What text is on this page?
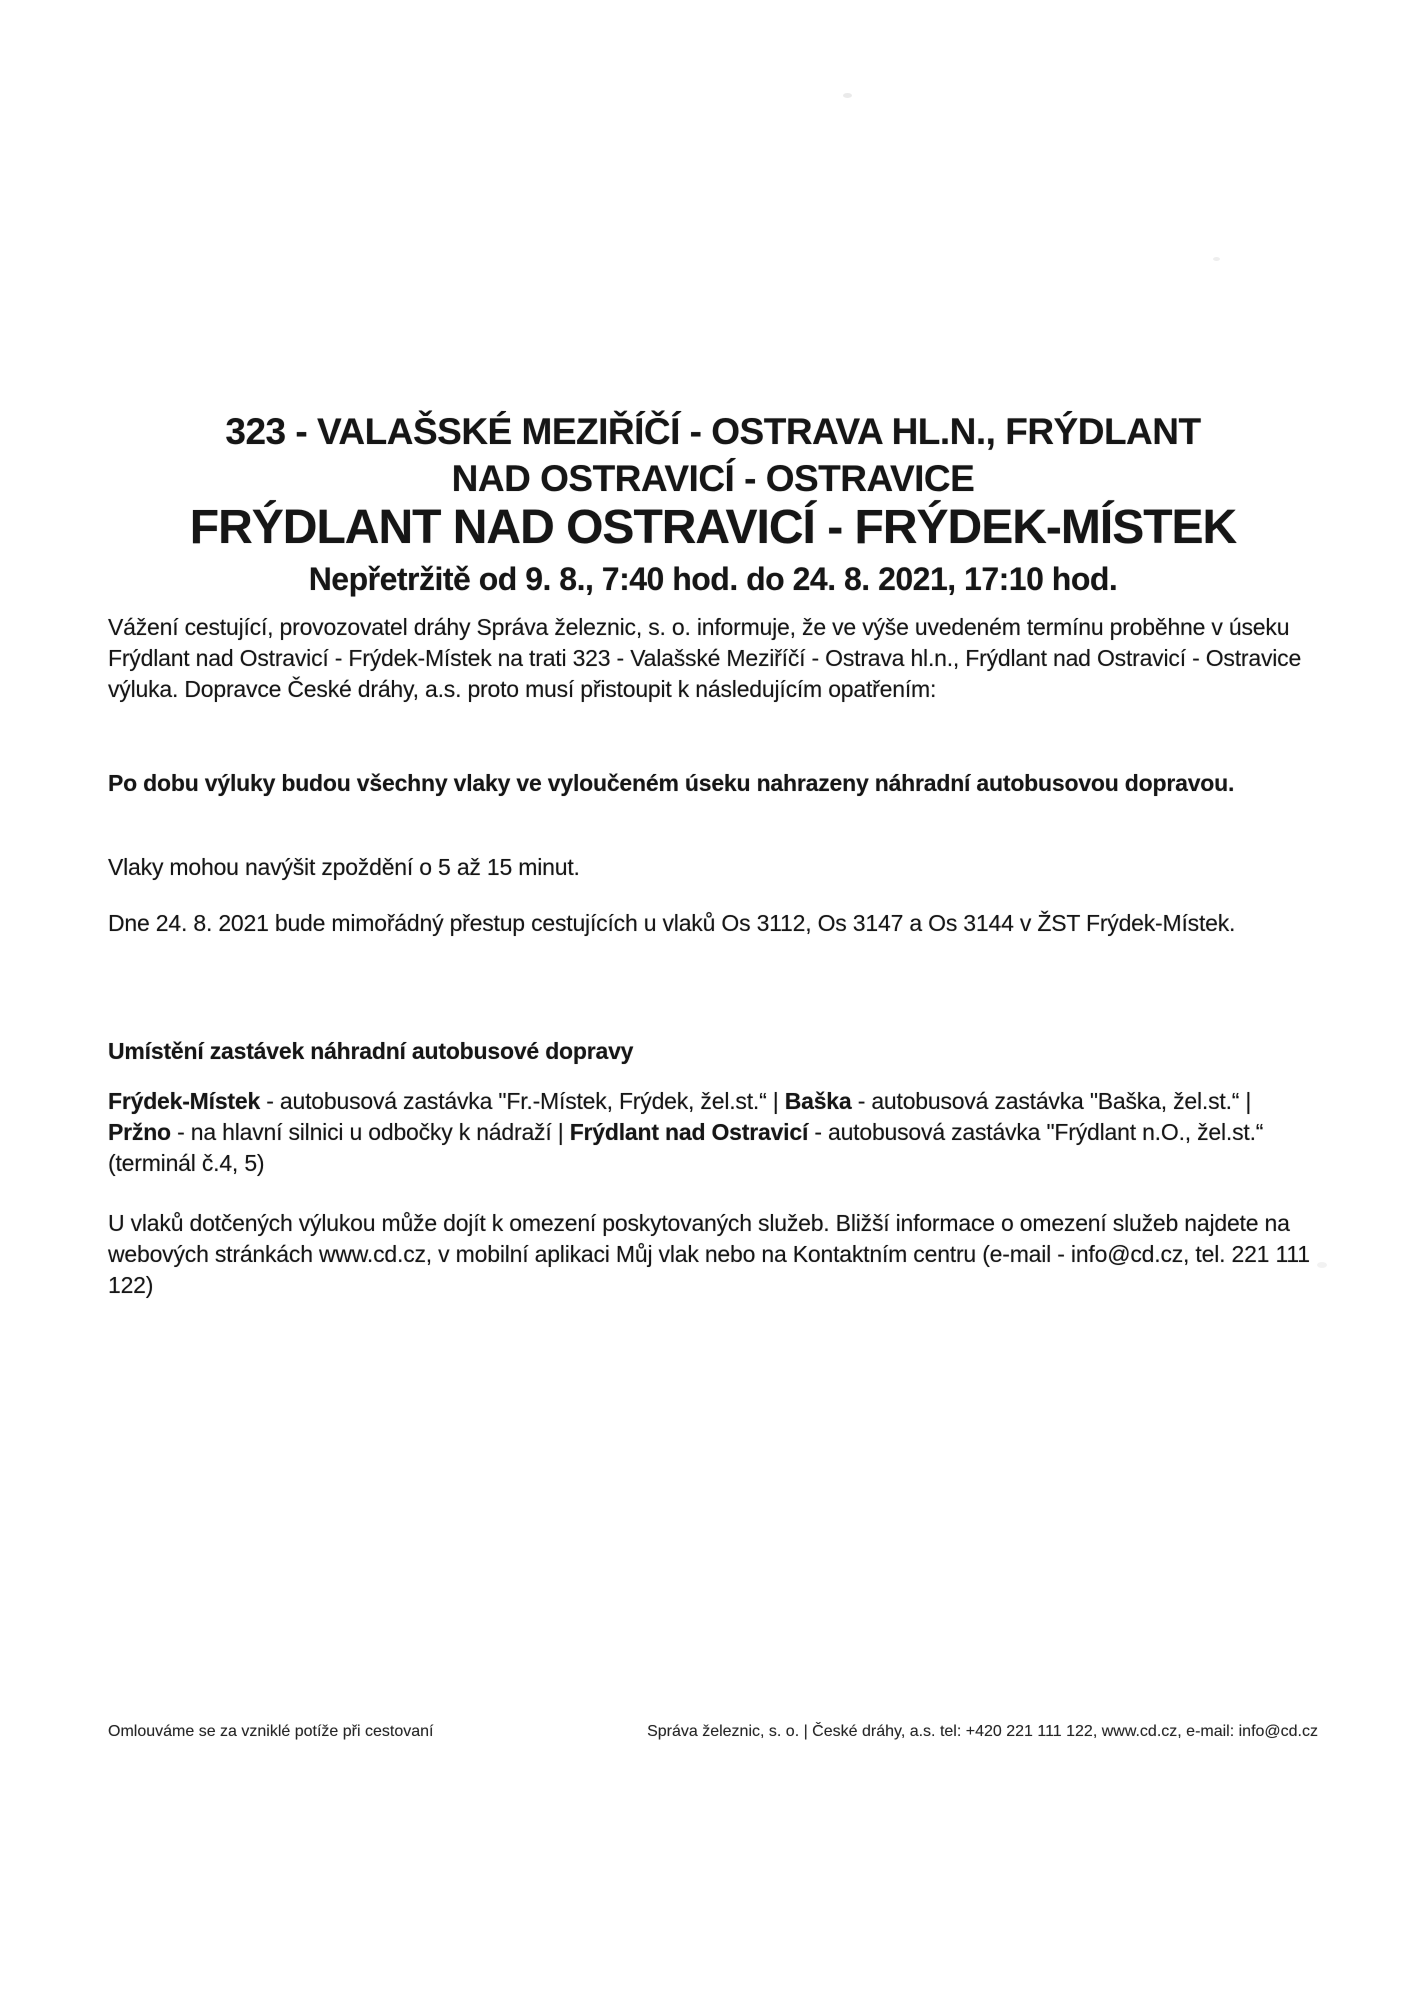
323 - VALAŠSKÉ MEZIŘÍČÍ - OSTRAVA HL.N., FRÝDLANT
NAD OSTRAVICÍ - OSTRAVICE
FRÝDLANT NAD OSTRAVICÍ - FRÝDEK-MÍSTEK
Nepřetržitě od 9. 8., 7:40 hod. do 24. 8. 2021, 17:10 hod.
Vážení cestující, provozovatel dráhy Správa železnic, s. o. informuje, že ve výše uvedeném termínu proběhne v úseku Frýdlant nad Ostravicí - Frýdek-Místek na trati 323 - Valašské Meziříčí - Ostrava hl.n., Frýdlant nad Ostravicí - Ostravice výluka. Dopravce České dráhy, a.s. proto musí přistoupit k následujícím opatřením:
Po dobu výluky budou všechny vlaky ve vyloučeném úseku nahrazeny náhradní autobusovou dopravou.
Vlaky mohou navýšit zpoždění o 5 až 15 minut.
Dne 24. 8. 2021 bude mimořádný přestup cestujících u vlaků Os 3112, Os 3147 a Os 3144 v ŽST Frýdek-Místek.
Umístění zastávek náhradní autobusové dopravy
Frýdek-Místek - autobusová zastávka "Fr.-Místek, Frýdek, žel.st.“ | Baška - autobusová zastávka "Baška, žel.st.“ | Pržno - na hlavní silnici u odbočky k nádraží | Frýdlant nad Ostravicí - autobusová zastávka "Frýdlant n.O., žel.st.“ (terminál č.4, 5)
U vlaků dotčených výlukou může dojít k omezení poskytovaných služeb. Bližší informace o omezení služeb najdete na webových stránkách www.cd.cz, v mobilní aplikaci Můj vlak nebo na Kontaktním centru (e-mail - info@cd.cz, tel. 221 111 122)
Omlouváme se za vzniklé potíže při cestovaní	Správa železnic, s. o. | České dráhy, a.s. tel: +420 221 111 122, www.cd.cz, e-mail: info@cd.cz
